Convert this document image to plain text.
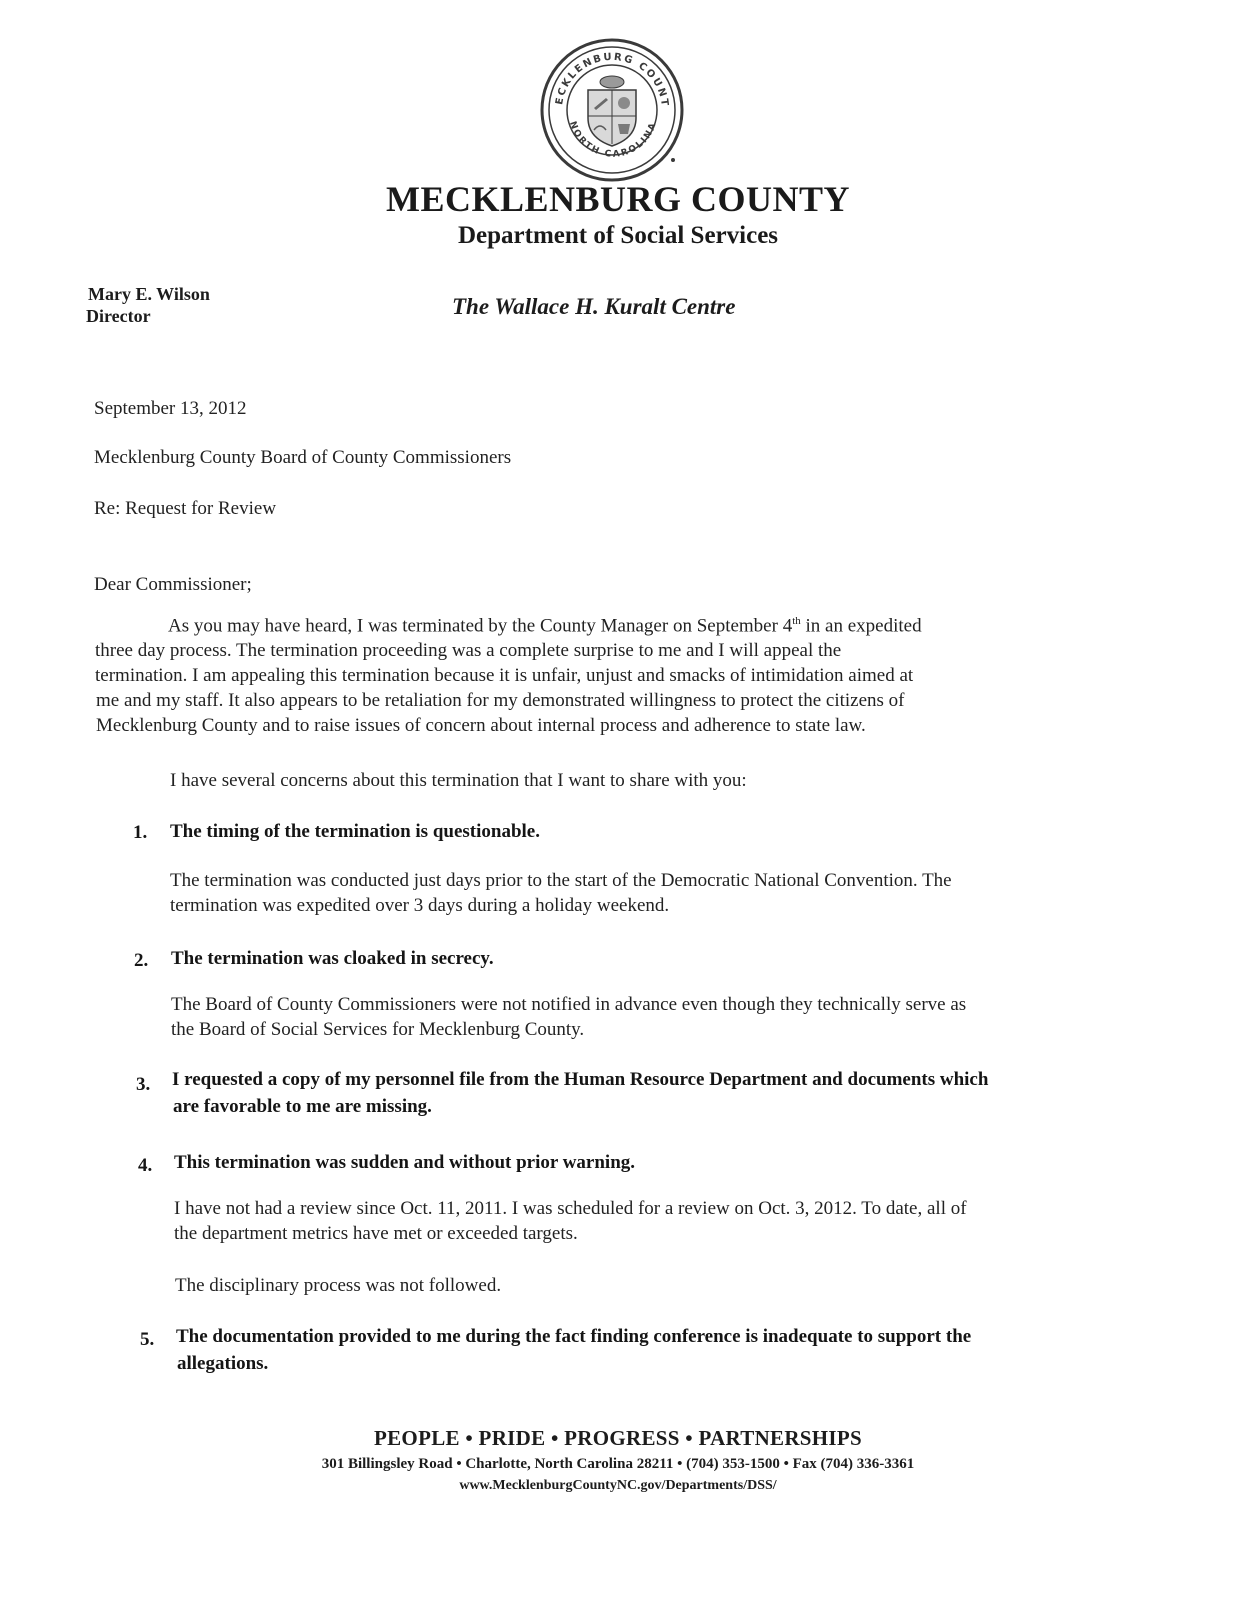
ECKLENBURG COUNT
NORTH CAROLINA
MECKLENBURG COUNTY
Department of Social Services
Mary E. Wilson
Director	The Wallace H. Kuralt Centre
September 13, 2012
Mecklenburg County Board of County Commissioners
Re: Request for Review
Dear Commissioner;
As you may have heard, I was terminated by the County Manager on September 4th in an expedited
three day process. The termination proceeding was a complete surprise to me and I will appeal the
termination. I am appealing this termination because it is unfair, unjust and smacks of intimidation aimed at
me and my staff. It also appears to be retaliation for my demonstrated willingness to protect the citizens of
Mecklenburg County and to raise issues of concern about internal process and adherence to state law.
I have several concerns about this termination that I want to share with you:
1. The timing of the termination is questionable.
The termination was conducted just days prior to the start of the Democratic National Convention. The
termination was expedited over 3 days during a holiday weekend.
2. The termination was cloaked in secrecy.
The Board of County Commissioners were not notified in advance even though they technically serve as
the Board of Social Services for Mecklenburg County.
3. I requested a copy of my personnel file from the Human Resource Department and documents which
are favorable to me are missing.
4. This termination was sudden and without prior warning.
I have not had a review since Oct. 11, 2011. I was scheduled for a review on Oct. 3, 2012. To date, all of
the department metrics have met or exceeded targets.
The disciplinary process was not followed.
5. The documentation provided to me during the fact finding conference is inadequate to support the
allegations.
PEOPLE • PRIDE • PROGRESS • PARTNERSHIPS
301 Billingsley Road • Charlotte, North Carolina 28211 • (704) 353-1500 • Fax (704) 336-3361
www.MecklenburgCountyNC.gov/Departments/DSS/
